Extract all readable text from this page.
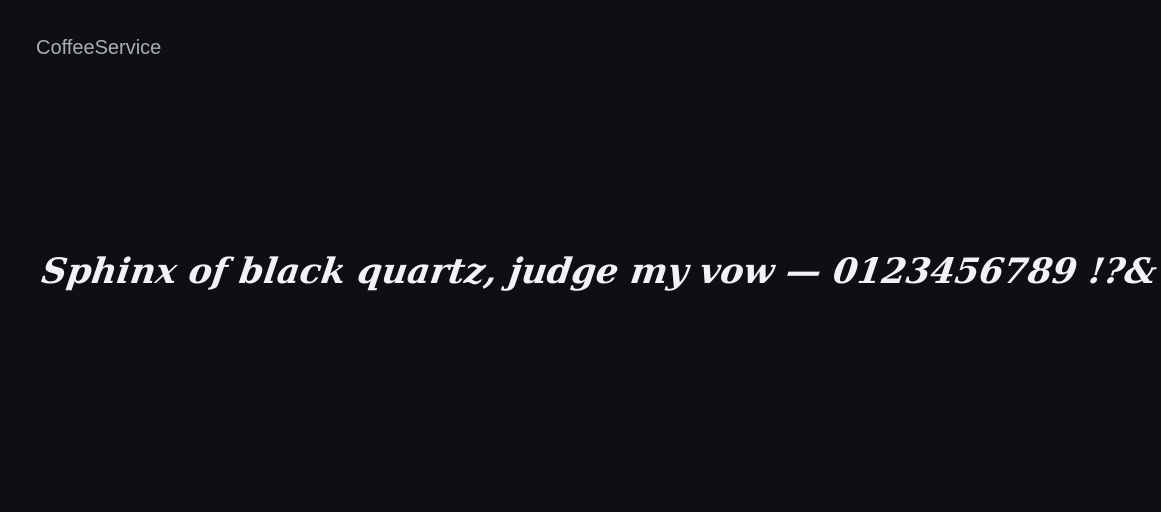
CoffeeService
Sphinx of black quartz, judge my vow — 0123456789 !?&
